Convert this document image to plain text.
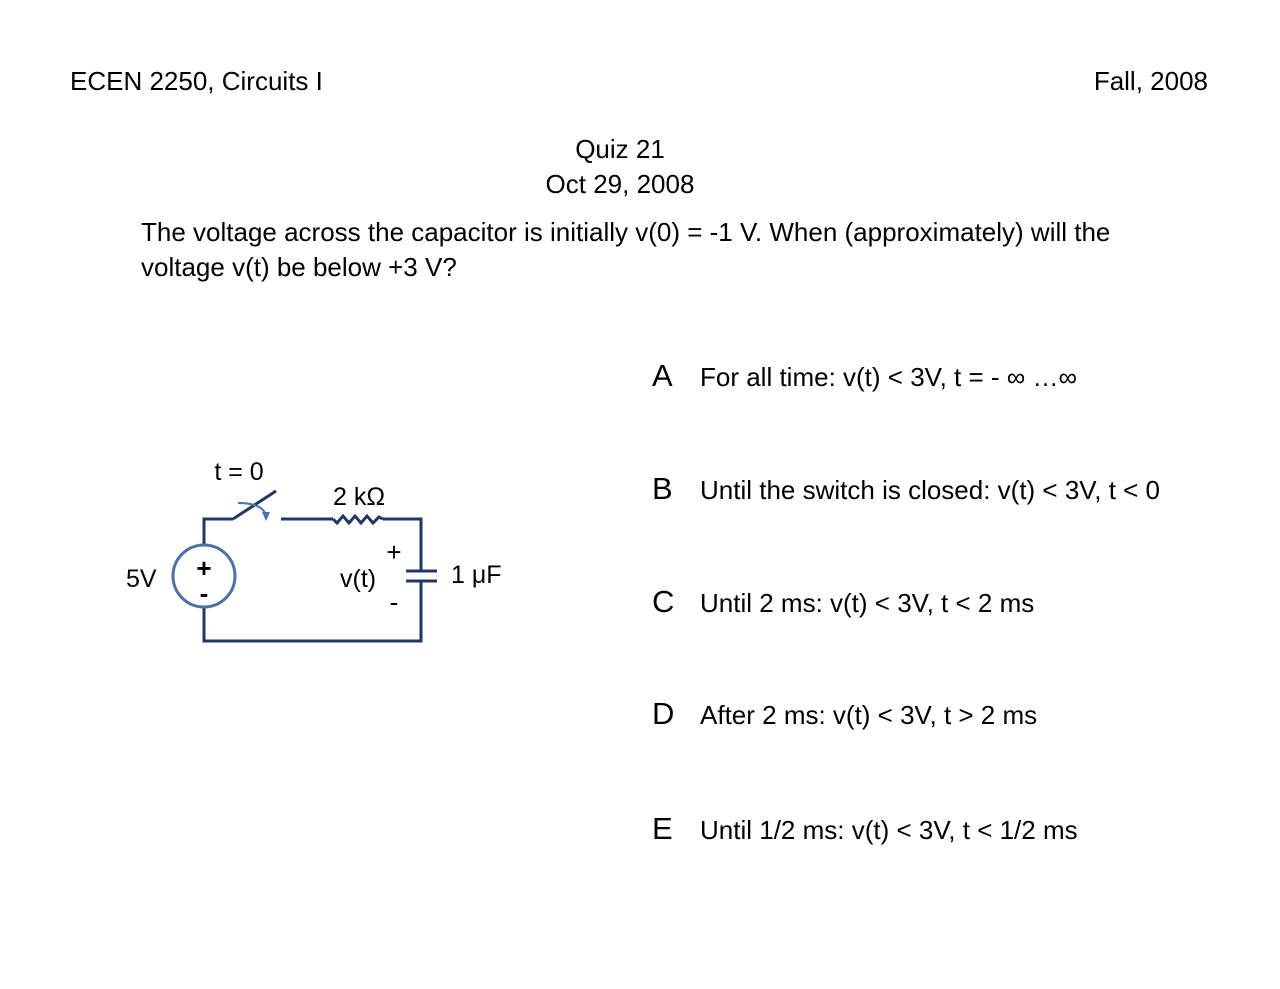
ECEN 2250, Circuits I	Fall, 2008
Quiz 21
Oct 29, 2008
The voltage across the capacitor is initially v(0) = -1 V. When (approximately) will the
voltage v(t) be below +3 V?
t = 0
2 kΩ
5V +
-	v(t)
+
-
1 μF
A	For all time: v(t) < 3V, t = - ∞ …∞
B	Until the switch is closed: v(t) < 3V, t < 0
C Until 2 ms: v(t) < 3V, t < 2 ms
D After 2 ms: v(t) < 3V, t > 2 ms
E	Until 1/2 ms: v(t) < 3V, t < 1/2 ms
